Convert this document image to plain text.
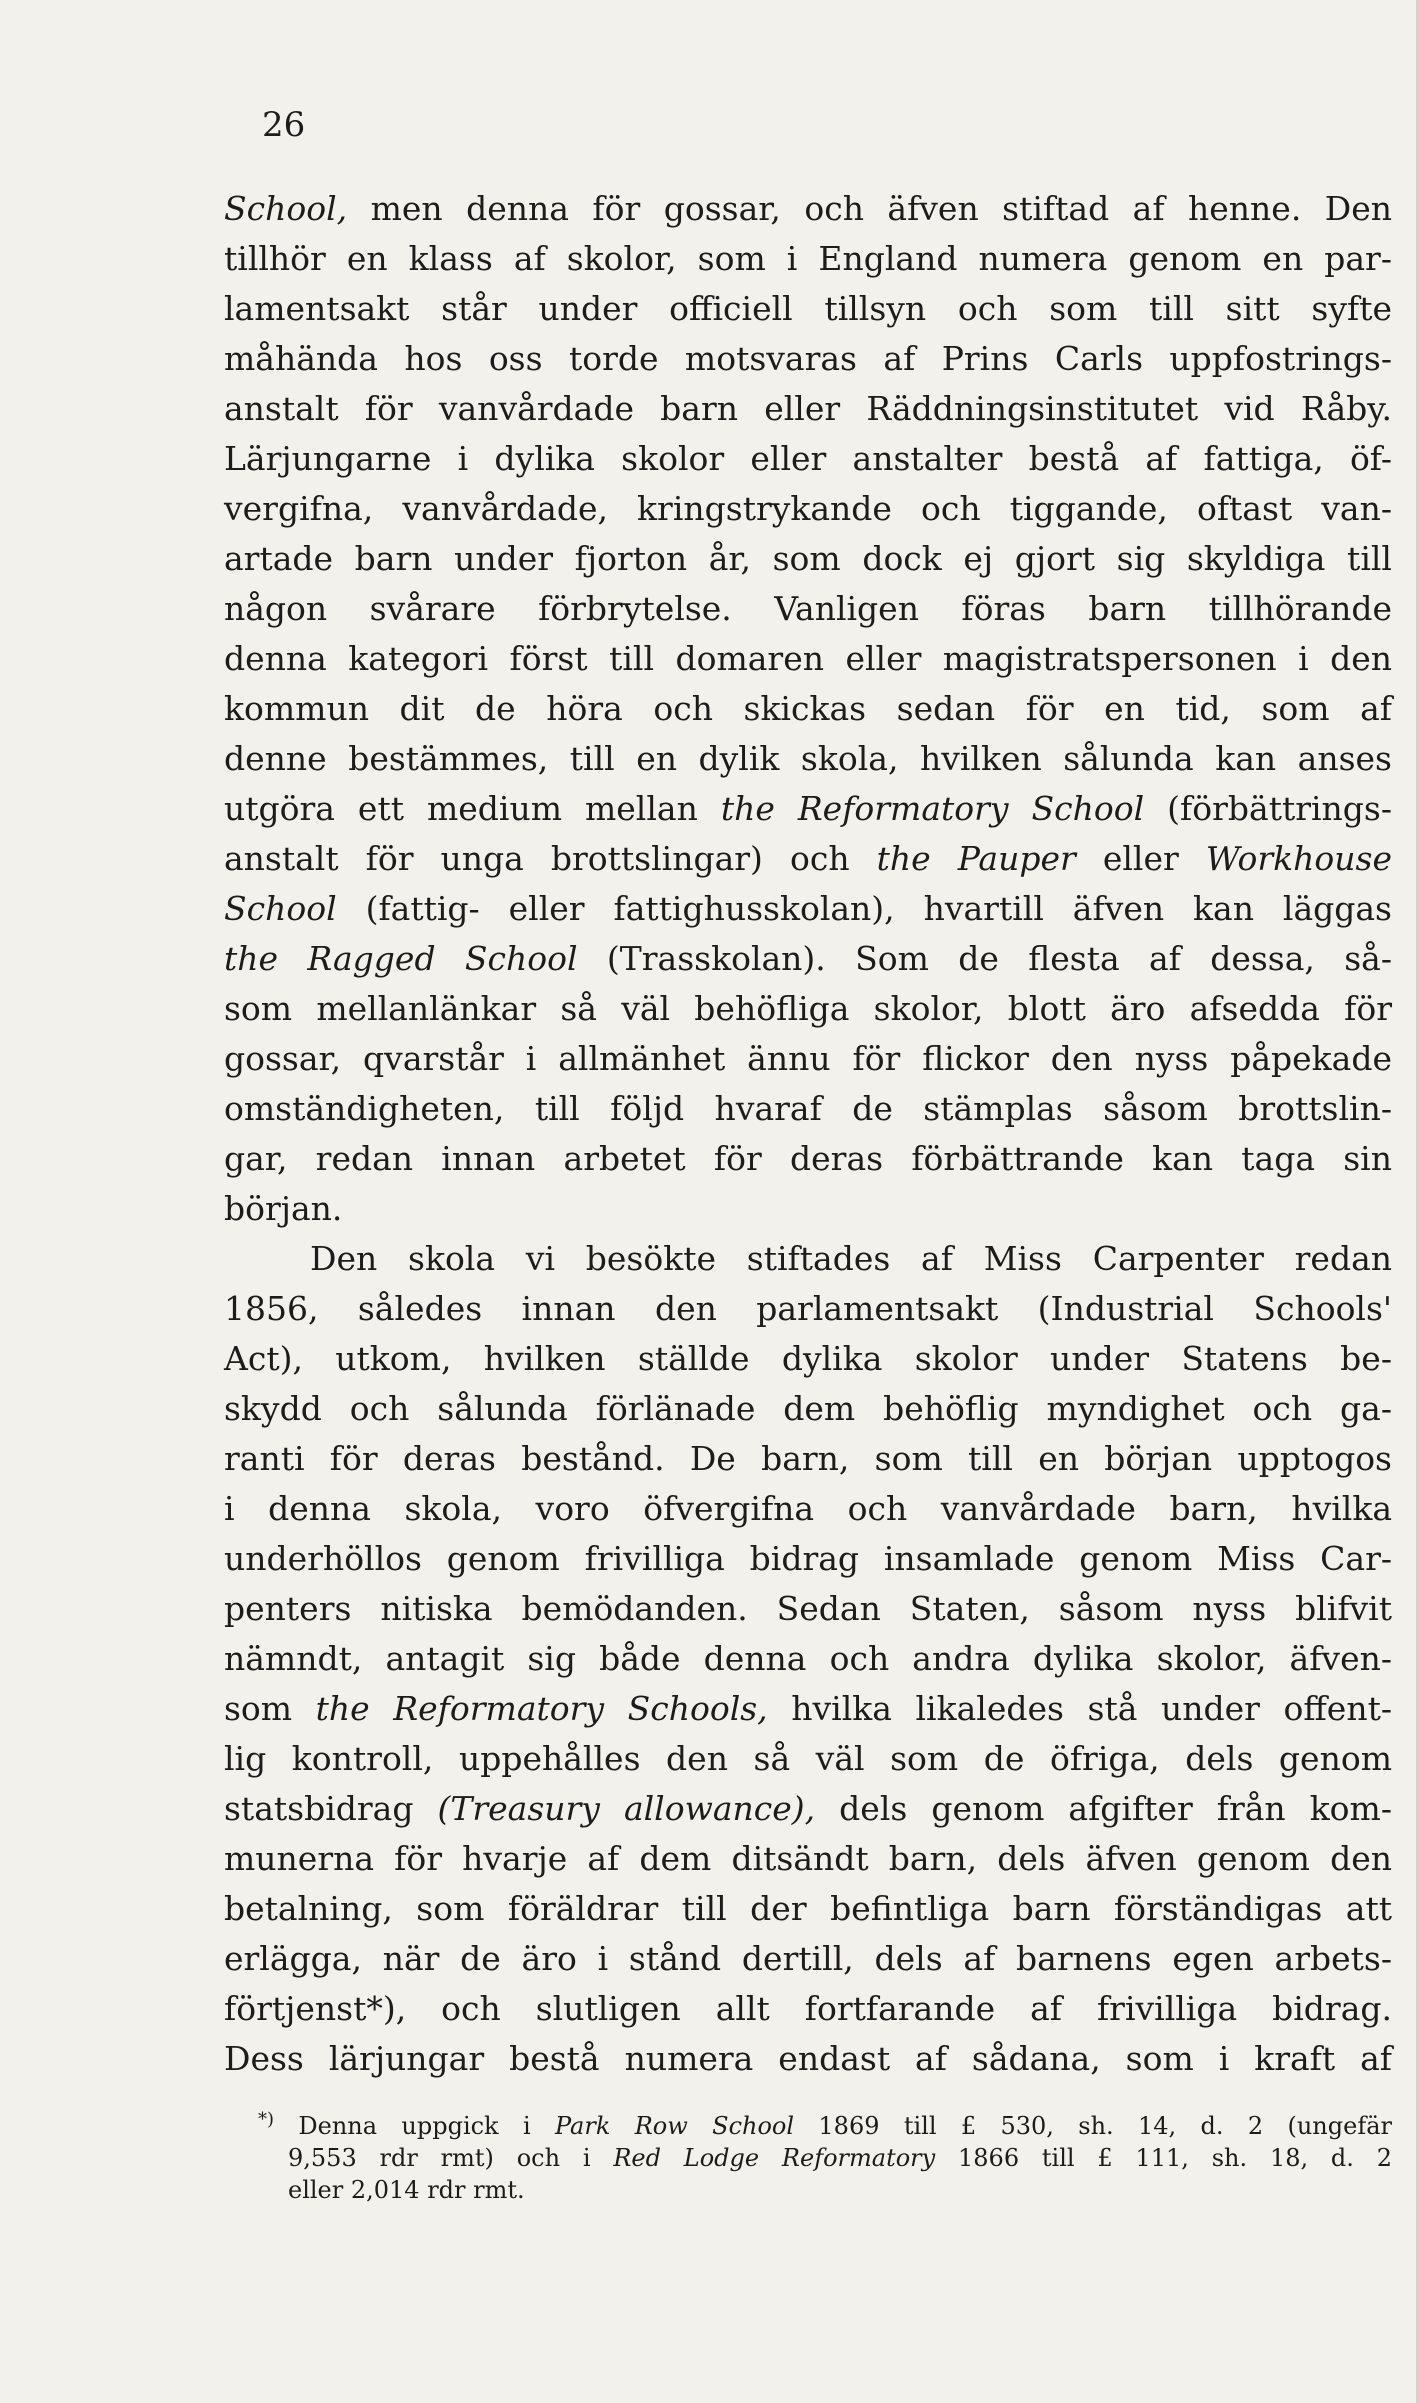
26
School, men denna för gossar, och äfven stiftad af henne. Den
tillhör en klass af skolor, som i England numera genom en par-
lamentsakt står under officiell tillsyn och som till sitt syfte
måhända hos oss torde motsvaras af Prins Carls uppfostrings-
anstalt för vanvårdade barn eller Räddningsinstitutet vid Råby.
Lärjungarne i dylika skolor eller anstalter bestå af fattiga, öf-
vergifna, vanvårdade, kringstrykande och tiggande, oftast van-
artade barn under fjorton år, som dock ej gjort sig skyldiga till
någon svårare förbrytelse. Vanligen föras barn tillhörande
denna kategori först till domaren eller magistratspersonen i den
kommun dit de höra och skickas sedan för en tid, som af
denne bestämmes, till en dylik skola, hvilken sålunda kan anses
utgöra ett medium mellan the Reformatory School (förbättrings-
anstalt för unga brottslingar) och the Pauper eller Workhouse
School (fattig- eller fattighusskolan), hvartill äfven kan läggas
the Ragged School (Trasskolan). Som de flesta af dessa, så-
som mellanlänkar så väl behöfliga skolor, blott äro afsedda för
gossar, qvarstår i allmänhet ännu för flickor den nyss påpekade
omständigheten, till följd hvaraf de stämplas såsom brottslin-
gar, redan innan arbetet för deras förbättrande kan taga sin
början.
Den skola vi besökte stiftades af Miss Carpenter redan
1856, således innan den parlamentsakt (Industrial Schools'
Act), utkom, hvilken ställde dylika skolor under Statens be-
skydd och sålunda förlänade dem behöflig myndighet och ga-
ranti för deras bestånd. De barn, som till en början upptogos
i denna skola, voro öfvergifna och vanvårdade barn, hvilka
underhöllos genom frivilliga bidrag insamlade genom Miss Car-
penters nitiska bemödanden. Sedan Staten, såsom nyss blifvit
nämndt, antagit sig både denna och andra dylika skolor, äfven-
som the Reformatory Schools, hvilka likaledes stå under offent-
lig kontroll, uppehålles den så väl som de öfriga, dels genom
statsbidrag (Treasury allowance), dels genom afgifter från kom-
munerna för hvarje af dem ditsändt barn, dels äfven genom den
betalning, som föräldrar till der befintliga barn förständigas att
erlägga, när de äro i stånd dertill, dels af barnens egen arbets-
förtjenst*), och slutligen allt fortfarande af frivilliga bidrag.
Dess lärjungar bestå numera endast af sådana, som i kraft af
*) Denna uppgick i Park Row School 1869 till £ 530, sh. 14, d. 2 (ungefär
9,553 rdr rmt) och i Red Lodge Reformatory 1866 till £ 111, sh. 18, d. 2
eller 2,014 rdr rmt.
